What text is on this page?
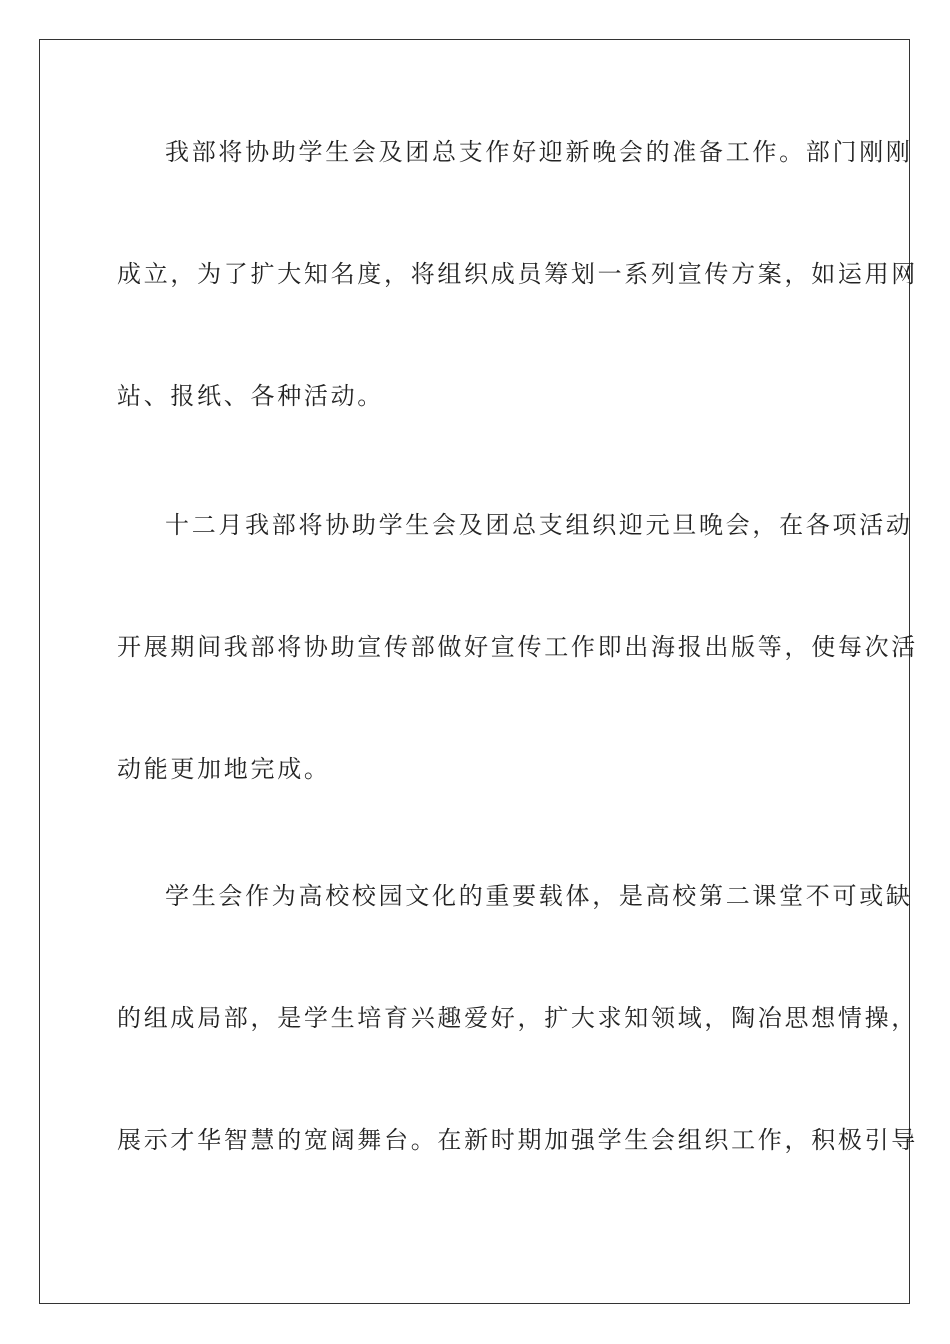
我部将协助学生会及团总支作好迎新晚会的准备工作。部门刚刚
成立，为了扩大知名度，将组织成员筹划一系列宣传方案，如运用网
站、报纸、各种活动。
十二月我部将协助学生会及团总支组织迎元旦晚会，在各项活动
开展期间我部将协助宣传部做好宣传工作即出海报出版等，使每次活
动能更加地完成。
学生会作为高校校园文化的重要载体，是高校第二课堂不可或缺
的组成局部，是学生培育兴趣爱好，扩大求知领域，陶冶思想情操，
展示才华智慧的宽阔舞台。在新时期加强学生会组织工作，积极引导
